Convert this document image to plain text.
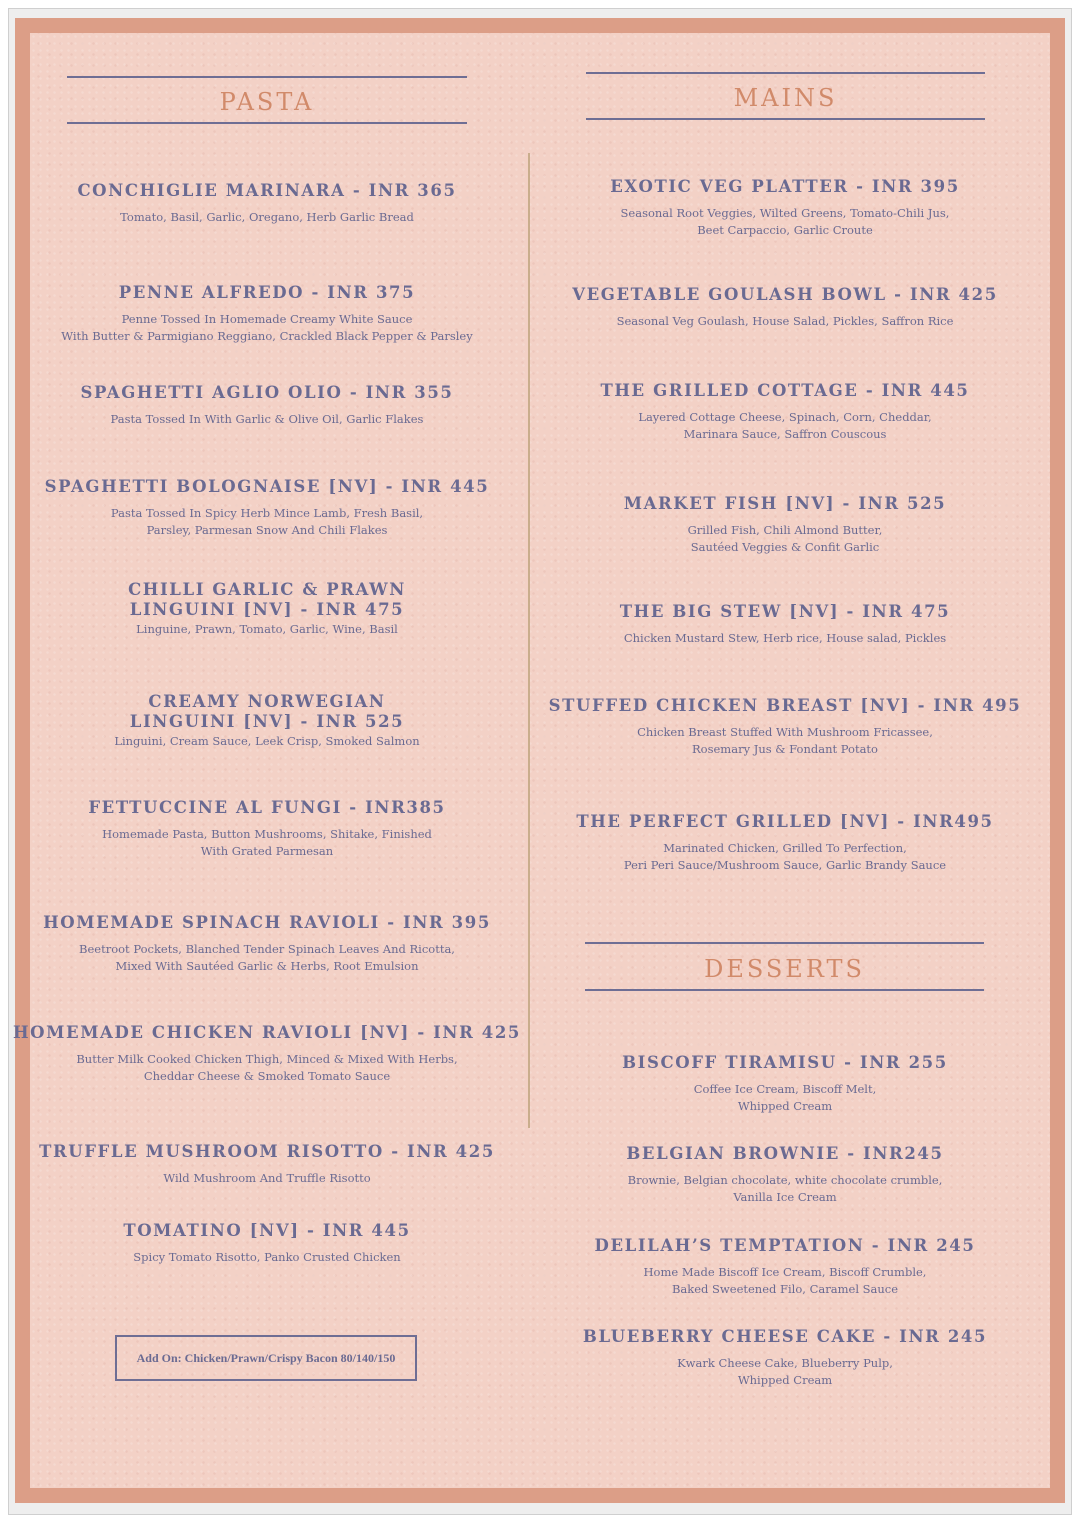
PASTA	MAINS
DESSERTS
CONCHIGLIE MARINARA - INR 365
Tomato, Basil, Garlic, Oregano, Herb Garlic Bread
PENNE ALFREDO - INR 375
Penne Tossed In Homemade Creamy White Sauce
With Butter & Parmigiano Reggiano, Crackled Black Pepper & Parsley
SPAGHETTI AGLIO OLIO - INR 355
Pasta Tossed In With Garlic & Olive Oil, Garlic Flakes
SPAGHETTI BOLOGNAISE [NV] - INR 445
Pasta Tossed In Spicy Herb Mince Lamb, Fresh Basil,
Parsley, Parmesan Snow And Chili Flakes
CHILLI GARLIC & PRAWN
LINGUINI [NV] - INR 475
Linguine, Prawn, Tomato, Garlic, Wine, Basil
CREAMY NORWEGIAN
LINGUINI [NV] - INR 525
Linguini, Cream Sauce, Leek Crisp, Smoked Salmon
FETTUCCINE AL FUNGI - INR385
Homemade Pasta, Button Mushrooms, Shitake, Finished
With Grated Parmesan
HOMEMADE SPINACH RAVIOLI - INR 395
Beetroot Pockets, Blanched Tender Spinach Leaves And Ricotta,
Mixed With Sautéed Garlic & Herbs, Root Emulsion
HOMEMADE CHICKEN RAVIOLI [NV] - INR 425
Butter Milk Cooked Chicken Thigh, Minced & Mixed With Herbs,
Cheddar Cheese & Smoked Tomato Sauce
TRUFFLE MUSHROOM RISOTTO - INR 425
Wild Mushroom And Truffle Risotto
TOMATINO [NV] - INR 445
Spicy Tomato Risotto, Panko Crusted Chicken
EXOTIC VEG PLATTER - INR 395
Seasonal Root Veggies, Wilted Greens, Tomato-Chili Jus,
Beet Carpaccio, Garlic Croute
VEGETABLE GOULASH BOWL - INR 425
Seasonal Veg Goulash, House Salad, Pickles, Saffron Rice
THE GRILLED COTTAGE - INR 445
Layered Cottage Cheese, Spinach, Corn, Cheddar,
Marinara Sauce, Saffron Couscous
MARKET FISH [NV] - INR 525
Grilled Fish, Chili Almond Butter,
Sautéed Veggies & Confit Garlic
THE BIG STEW [NV] - INR 475
Chicken Mustard Stew, Herb rice, House salad, Pickles
STUFFED CHICKEN BREAST [NV] - INR 495
Chicken Breast Stuffed With Mushroom Fricassee,
Rosemary Jus & Fondant Potato
THE PERFECT GRILLED [NV] - INR495
Marinated Chicken, Grilled To Perfection,
Peri Peri Sauce/Mushroom Sauce, Garlic Brandy Sauce
BISCOFF TIRAMISU - INR 255
Coffee Ice Cream, Biscoff Melt,
Whipped Cream
BELGIAN BROWNIE - INR245
Brownie, Belgian chocolate, white chocolate crumble,
Vanilla Ice Cream
DELILAH’S TEMPTATION - INR 245
Home Made Biscoff Ice Cream, Biscoff Crumble,
Baked Sweetened Filo, Caramel Sauce
BLUEBERRY CHEESE CAKE - INR 245
Kwark Cheese Cake, Blueberry Pulp,
Whipped Cream
Add On: Chicken/Prawn/Crispy Bacon 80/140/150
